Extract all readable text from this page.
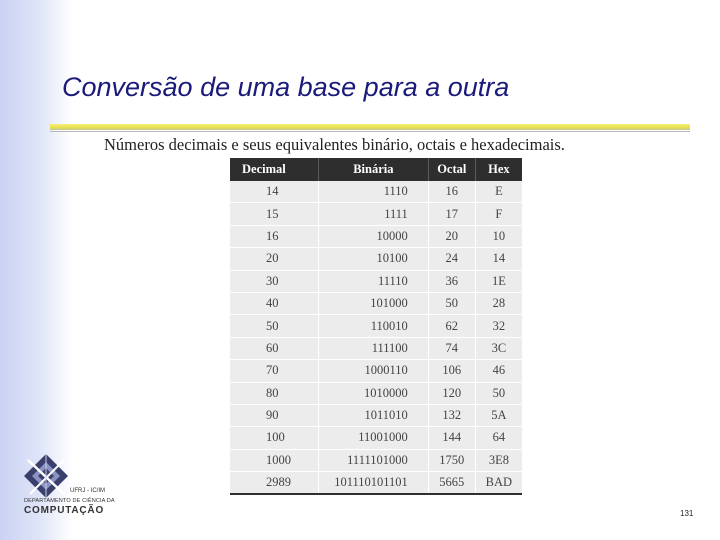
Conversão de uma base para a outra

Números decimais e seus equivalentes binário, octais e hexadecimais.

Decimal	Binária	Octal	Hex
14	1110	16	E
15	1111	17	F
16	10000	20	10
20	10100	24	14
30	11110	36	1E
40	101000	50	28
50	110010	62	32
60	111100	74	3C
70	1000110	106	46
80	1010000	120	50
90	1011010	132	5A
100	11001000	144	64
1000	1111101000	1750	3E8
2989	101110101101	5665	BAD
UFRJ - IC/IM
DEPARTAMENTO DE CIÊNCIA DA
COMPUTAÇÃO	131
